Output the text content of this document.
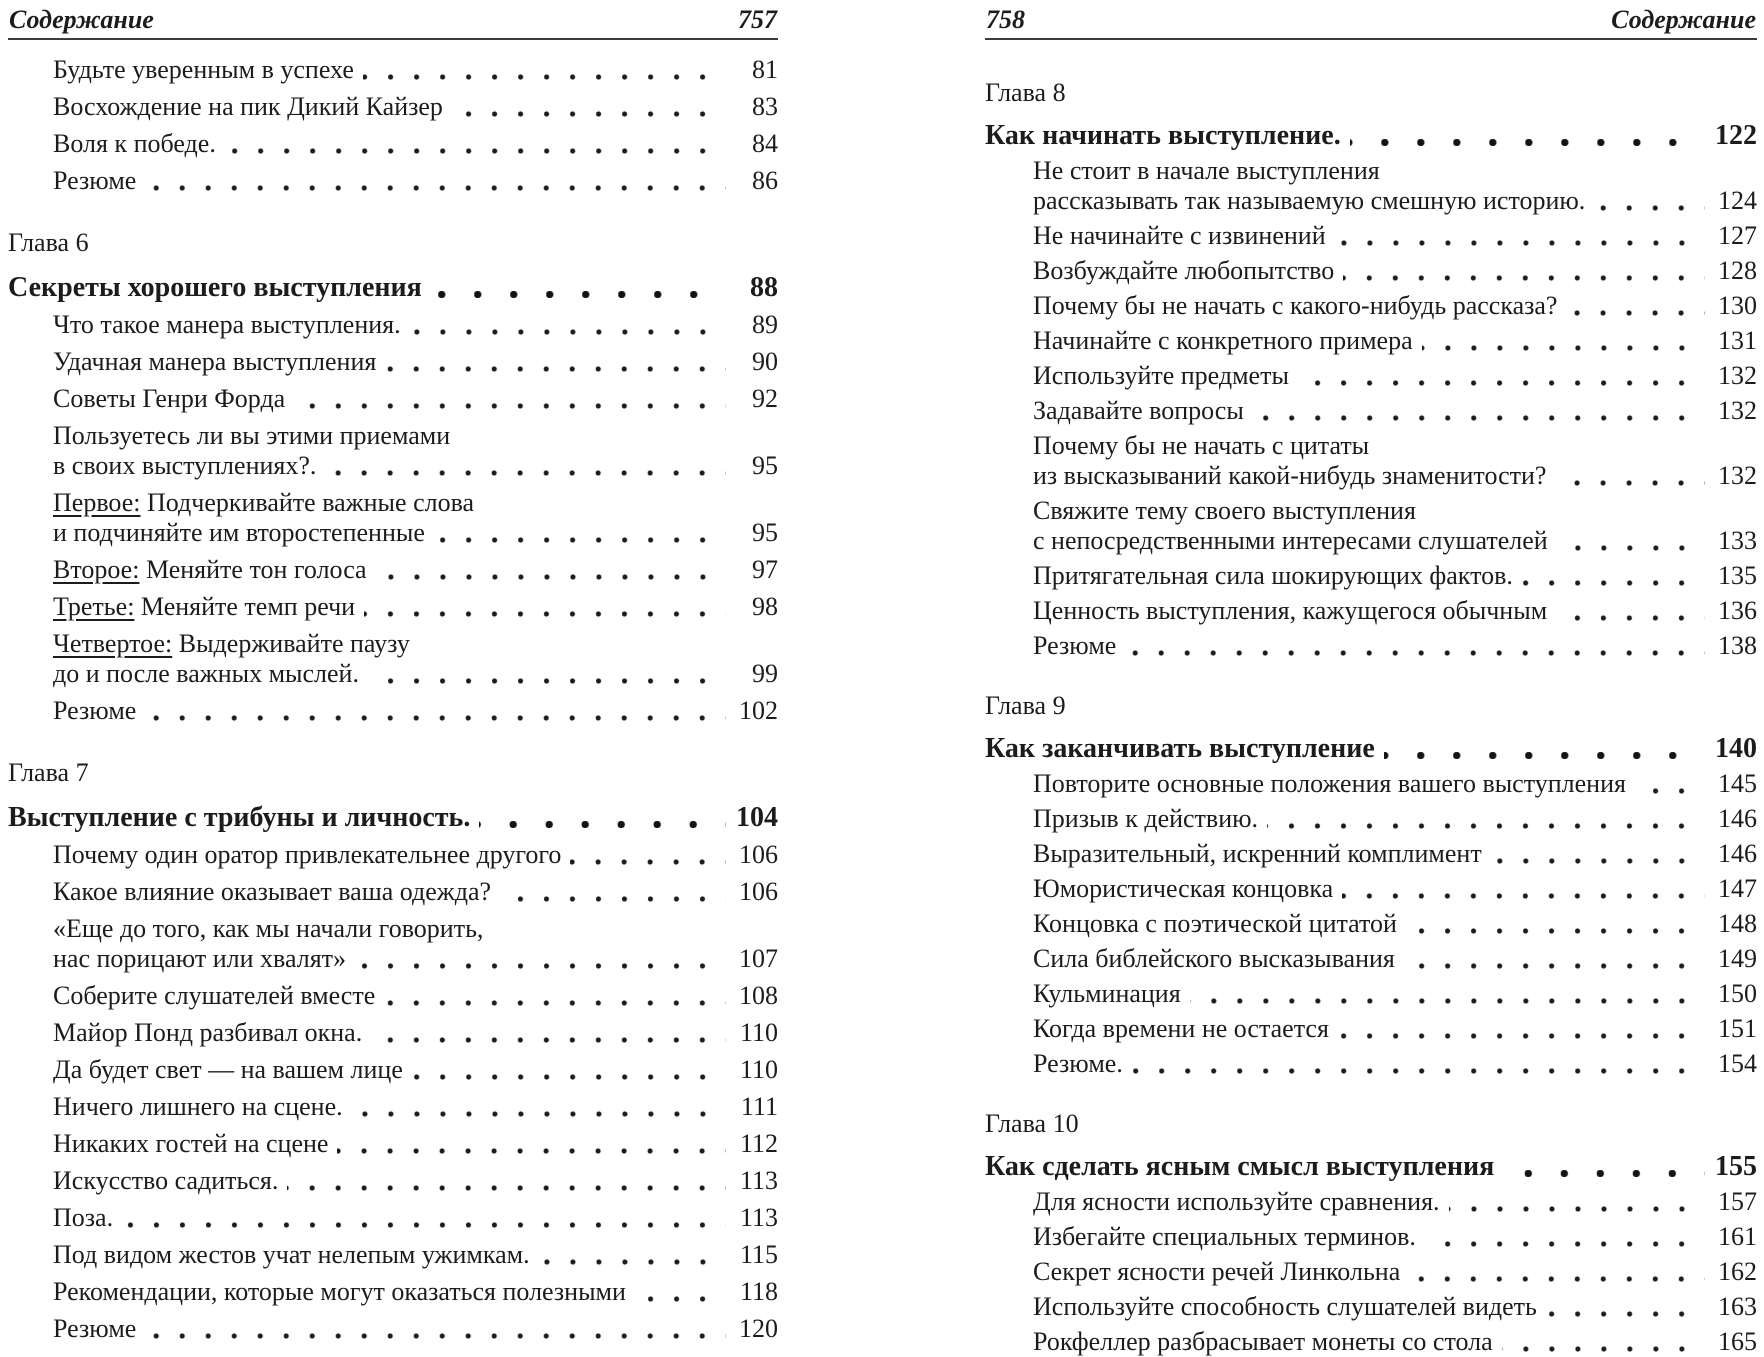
Содержание	757
Будьте уверенным в успехе	81
Восхождение на пик Дикий Кайзер	83
Воля к победе.	84
Резюме	86
Глава 6
Секреты хорошего выступления	88
Что такое манера выступления.	89
Удачная манера выступления	90
Советы Генри Форда	92
Пользуетесь ли вы этими приемами
в своих выступлениях?.	95
Первое: Подчеркивайте важные слова
и подчиняйте им второстепенные	95
Второе: Меняйте тон голоса	97
Третье: Меняйте темп речи	98
Четвертое: Выдерживайте паузу
до и после важных мыслей.	99
Резюме	102
Глава 7
Выступление с трибуны и личность.	104
Почему один оратор привлекательнее другого	106
Какое влияние оказывает ваша одежда?	106
«Еще до того, как мы начали говорить,
нас порицают или хвалят»	107
Соберите слушателей вместе	108
Майор Понд разбивал окна.	110
Да будет свет — на вашем лице	110
Ничего лишнего на сцене.	111
Никаких гостей на сцене	112
Искусство садиться.	113
Поза.	113
Под видом жестов учат нелепым ужимкам.	115
Рекомендации, которые могут оказаться полезными	118
Резюме	120
758	Содержание
Глава 8
Как начинать выступление.	122
Не стоит в начале выступления
рассказывать так называемую смешную историю.	124
Не начинайте с извинений	127
Возбуждайте любопытство	128
Почему бы не начать с какого-нибудь рассказа?	130
Начинайте с конкретного примера	131
Используйте предметы	132
Задавайте вопросы	132
Почему бы не начать с цитаты
из высказываний какой-нибудь знаменитости?	132
Свяжите тему своего выступления
с непосредственными интересами слушателей	133
Притягательная сила шокирующих фактов.	135
Ценность выступления, кажущегося обычным	136
Резюме	138
Глава 9
Как заканчивать выступление	140
Повторите основные положения вашего выступления	145
Призыв к действию.	146
Выразительный, искренний комплимент	146
Юмористическая концовка	147
Концовка с поэтической цитатой	148
Сила библейского высказывания	149
Кульминация	150
Когда времени не остается	151
Резюме.	154
Глава 10
Как сделать ясным смысл выступления	155
Для ясности используйте сравнения.	157
Избегайте специальных терминов.	161
Секрет ясности речей Линкольна	162
Используйте способность слушателей видеть	163
Рокфеллер разбрасывает монеты со стола	165
